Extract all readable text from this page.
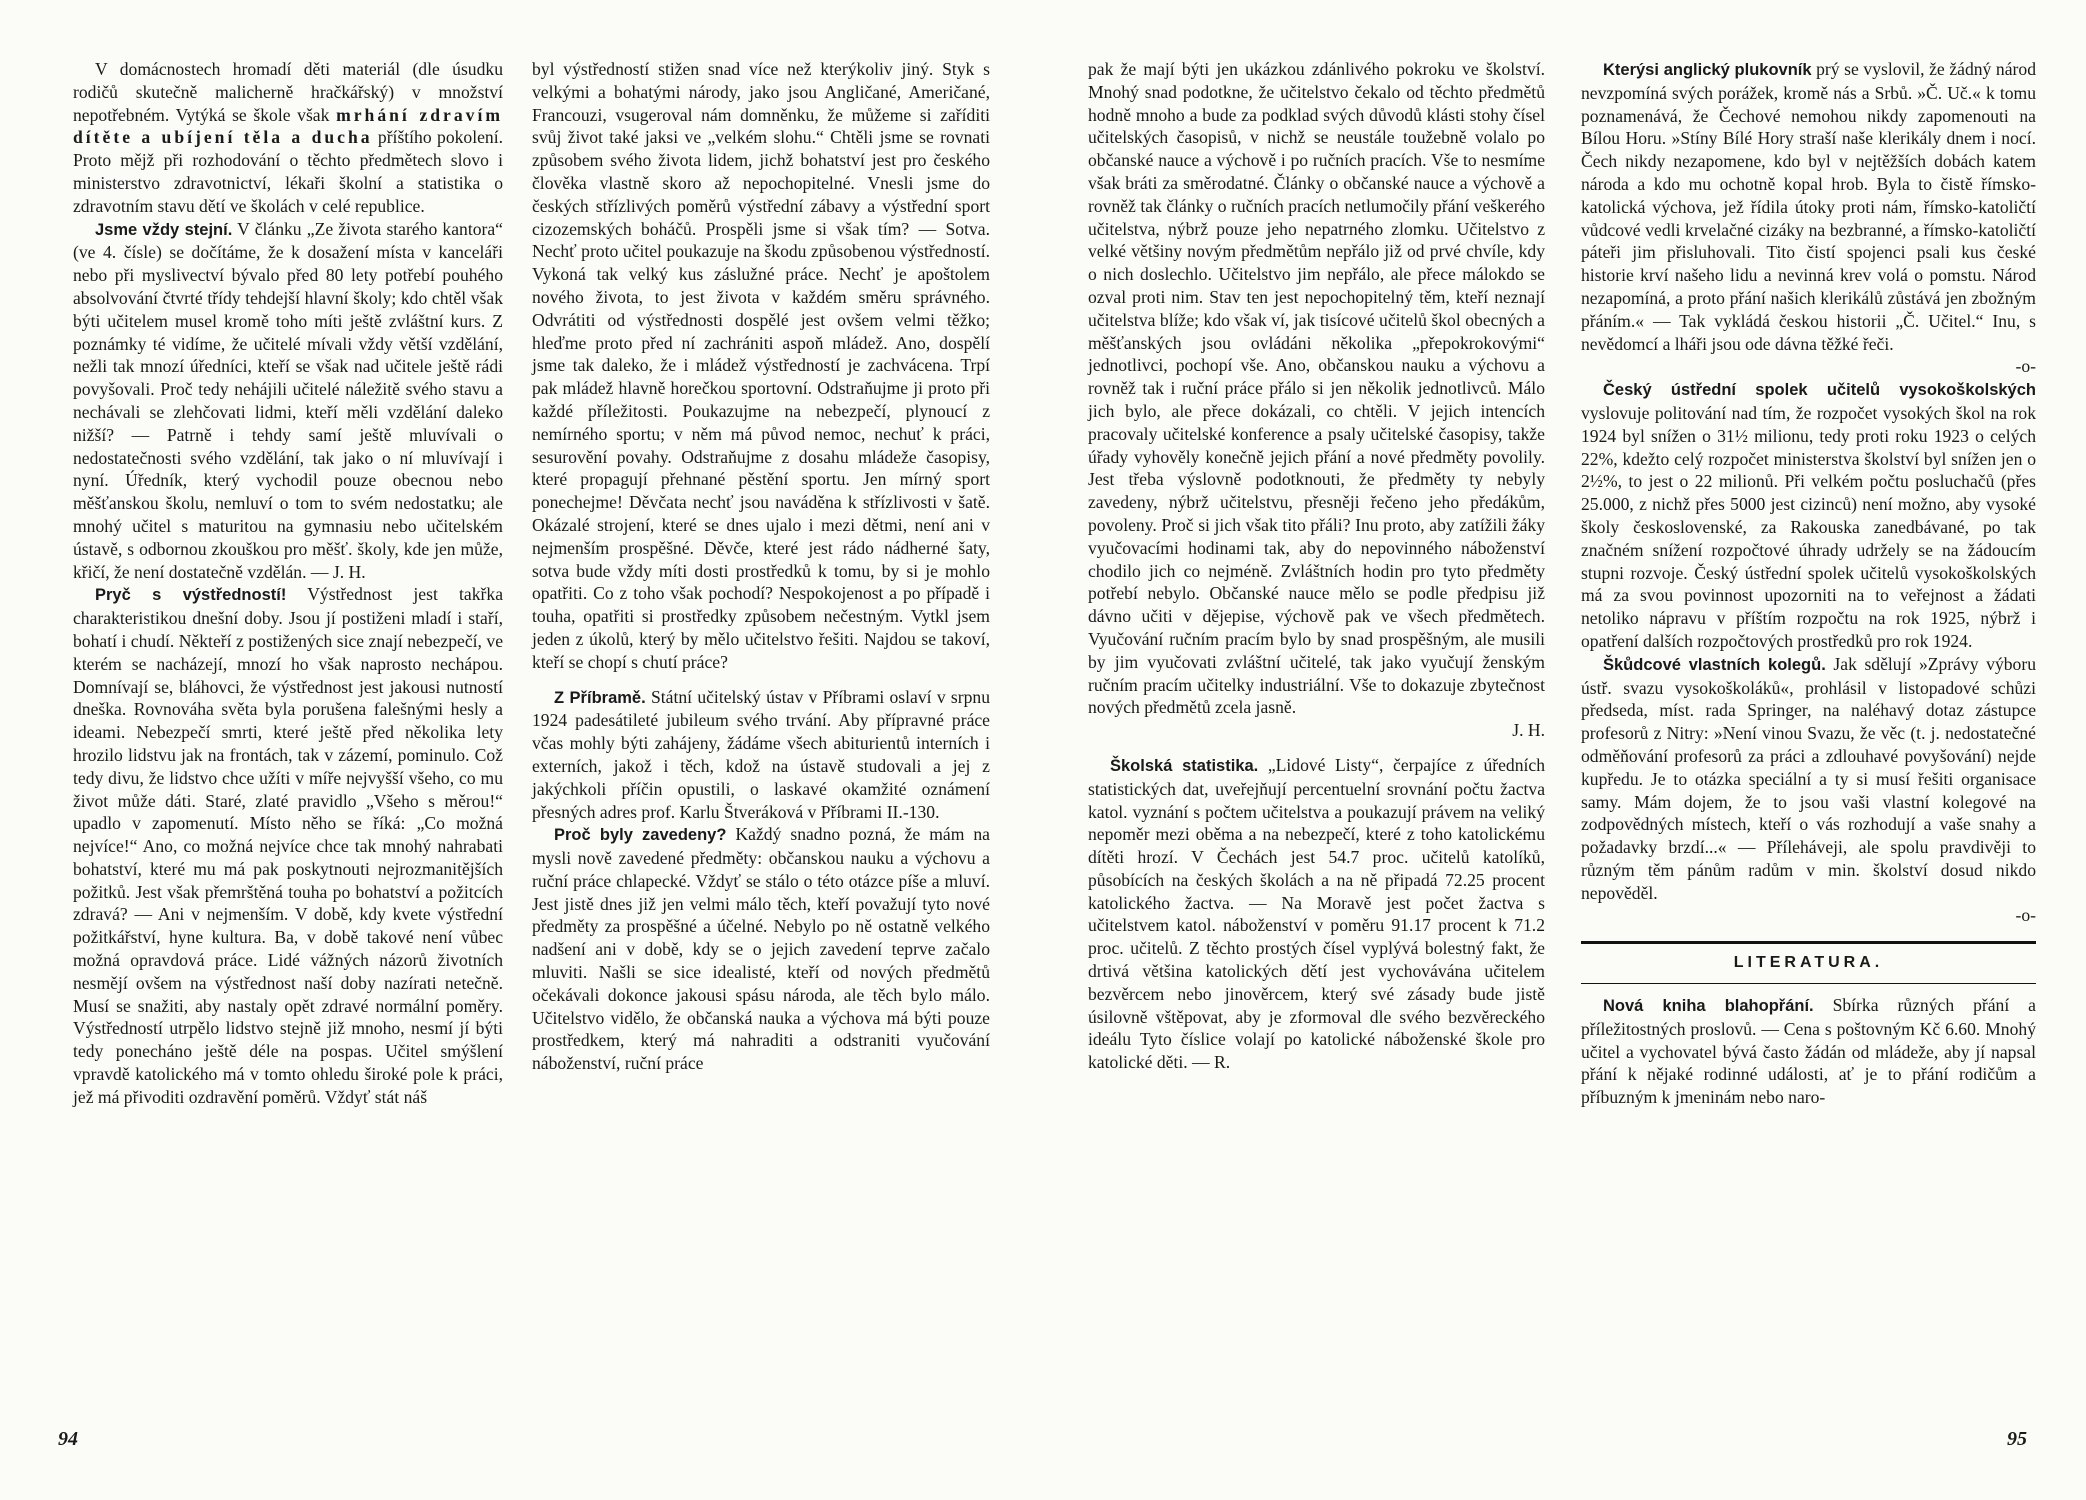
V domácnostech hromadí děti materiál (dle úsudku rodičů skutečně malicherně hračkářský) v množství nepotřebném. Vytýká se škole však mrhání zdravím dítěte a ubíjení těla a ducha příštího pokolení. Proto mějž při rozhodování o těchto předmětech slovo i ministerstvo zdravotnictví, lékaři školní a statistika o zdravotním stavu dětí ve školách v celé republice.

Jsme vždy stejní. V článku „Ze života starého kantora“ (ve 4. čísle) se dočítáme, že k dosažení místa v kanceláři nebo při myslivectví bývalo před 80 lety potřebí pouhého absolvování čtvrté třídy tehdejší hlavní školy; kdo chtěl však býti učitelem musel kromě toho míti ještě zvláštní kurs. Z poznámky té vidíme, že učitelé mívali vždy větší vzdělání, nežli tak mnozí úředníci, kteří se však nad učitele ještě rádi povyšovali. Proč tedy nehájili učitelé náležitě svého stavu a nechávali se zlehčovati lidmi, kteří měli vzdělání daleko nižší? — Patrně i tehdy samí ještě mluvívali o nedostatečnosti svého vzdělání, tak jako o ní mluvívají i nyní. Úředník, který vychodil pouze obecnou nebo měšťanskou školu, nemluví o tom to svém nedostatku; ale mnohý učitel s maturitou na gymnasiu nebo učitelském ústavě, s odbornou zkouškou pro měšť. školy, kde jen může, křičí, že není dostatečně vzdělán. — J. H.

Pryč s výstředností! Výstřednost jest takřka charakteristikou dnešní doby. Jsou jí postiženi mladí i staří, bohatí i chudí. Někteří z postižených sice znají nebezpečí, ve kterém se nacházejí, mnozí ho však naprosto nechápou. Domnívají se, bláhovci, že výstřednost jest jakousi nutností dneška. Rovnováha světa byla porušena falešnými hesly a ideami. Nebezpečí smrti, které ještě před několika lety hrozilo lidstvu jak na frontách, tak v zázemí, pominulo. Což tedy divu, že lidstvo chce užíti v míře nejvyšší všeho, co mu život může dáti. Staré, zlaté pravidlo „Všeho s měrou!“ upadlo v zapomenutí. Místo něho se říká: „Co možná nejvíce!“ Ano, co možná nejvíce chce tak mnohý nahrabati bohatství, které mu má pak poskytnouti nejrozmanitějších požitků. Jest však přemrštěná touha po bohatství a požitcích zdravá? — Ani v nejmenším. V době, kdy kvete výstřední požitkářství, hyne kultura. Ba, v době takové není vůbec možná opravdová práce. Lidé vážných názorů životních nesmějí ovšem na výstřednost naší doby nazírati netečně. Musí se snažiti, aby nastaly opět zdravé normální poměry. Výstředností utrpělo lidstvo stejně již mnoho, nesmí jí býti tedy ponecháno ještě déle na pospas. Učitel smýšlení vpravdě katolického má v tomto ohledu široké pole k práci, jež má přivoditi ozdravění poměrů. Vždyť stát náš

byl výstředností stižen snad více než kterýkoliv jiný. Styk s velkými a bohatými národy, jako jsou Angličané, Američané, Francouzi, vsugeroval nám domněnku, že můžeme si zaříditi svůj život také jaksi ve „velkém slohu.“ Chtěli jsme se rovnati způsobem svého života lidem, jichž bohatství jest pro českého člověka vlastně skoro až nepochopitelné. Vnesli jsme do českých střízlivých poměrů výstřední zábavy a výstřední sport cizozemských boháčů. Prospěli jsme si však tím? — Sotva. Nechť proto učitel poukazuje na škodu způsobenou výstředností. Vykoná tak velký kus záslužné práce. Nechť je apoštolem nového života, to jest života v každém směru správného. Odvrátiti od výstřednosti dospělé jest ovšem velmi těžko; hleďme proto před ní zachrániti aspoň mládež. Ano, dospělí jsme tak daleko, že i mládež výstředností je zachvácena. Trpí pak mládež hlavně horečkou sportovní. Odstraňujme ji proto při každé příležitosti. Poukazujme na nebezpečí, plynoucí z nemírného sportu; v něm má původ nemoc, nechuť k práci, sesurovění povahy. Odstraňujme z dosahu mládeže časopisy, které propagují přehnané pěstění sportu. Jen mírný sport ponechejme! Děvčata nechť jsou naváděna k střízlivosti v šatě. Okázalé strojení, které se dnes ujalo i mezi dětmi, není ani v nejmenším prospěšné. Děvče, které jest rádo nádherné šaty, sotva bude vždy míti dosti prostředků k tomu, by si je mohlo opatřiti. Co z toho však pochodí? Nespokojenost a po případě i touha, opatřiti si prostředky způsobem nečestným. Vytkl jsem jeden z úkolů, který by mělo učitelstvo řešiti. Najdou se takoví, kteří se chopí s chutí práce?

Z Příbramě. Státní učitelský ústav v Příbrami oslaví v srpnu 1924 padesátileté jubileum svého trvání. Aby přípravné práce včas mohly býti zahájeny, žádáme všech abiturientů interních i externích, jakož i těch, kdož na ústavě studovali a jej z jakýchkoli příčin opustili, o laskavé okamžité oznámení přesných adres prof. Karlu Štveráková v Příbrami II.-130.

Proč byly zavedeny? Každý snadno pozná, že mám na mysli nově zavedené předměty: občanskou nauku a výchovu a ruční práce chlapecké. Vždyť se stálo o této otázce píše a mluví. Jest jistě dnes již jen velmi málo těch, kteří považují tyto nové předměty za prospěšné a účelné. Nebylo po ně ostatně velkého nadšení ani v době, kdy se o jejich zavedení teprve začalo mluviti. Našli se sice idealisté, kteří od nových předmětů očekávali dokonce jakousi spásu národa, ale těch bylo málo. Učitelstvo vidělo, že občanská nauka a výchova má býti pouze prostředkem, který má nahraditi a odstraniti vyučování náboženství, ruční práce

94

pak že mají býti jen ukázkou zdánlivého pokroku ve školství. Mnohý snad podotkne, že učitelstvo čekalo od těchto předmětů hodně mnoho a bude za podklad svých důvodů klásti stohy čísel učitelských časopisů, v nichž se neustále toužebně volalo po občanské nauce a výchově i po ručních pracích. Vše to nesmíme však bráti za směrodatné. Články o občanské nauce a výchově a rovněž tak články o ručních pracích netlumočily přání veškerého učitelstva, nýbrž pouze jeho nepatrného zlomku. Učitelstvo z velké většiny novým předmětům nepřálo již od prvé chvíle, kdy o nich doslechlo. Učitelstvo jim nepřálo, ale přece málokdo se ozval proti nim. Stav ten jest nepochopitelný těm, kteří neznají učitelstva blíže; kdo však ví, jak tisícové učitelů škol obecných a měšťanských jsou ovládáni několika „přepokrokovými“ jednotlivci, pochopí vše. Ano, občanskou nauku a výchovu a rovněž tak i ruční práce přálo si jen několik jednotlivců. Málo jich bylo, ale přece dokázali, co chtěli. V jejich intencích pracovaly učitelské konference a psaly učitelské časopisy, takže úřady vyhověly konečně jejich přání a nové předměty povolily. Jest třeba výslovně podotknouti, že předměty ty nebyly zavedeny, nýbrž učitelstvu, přesněji řečeno jeho předákům, povoleny. Proč si jich však tito přáli? Inu proto, aby zatížili žáky vyučovacími hodinami tak, aby do nepovinného náboženství chodilo jich co nejméně. Zvláštních hodin pro tyto předměty potřebí nebylo. Občanské nauce mělo se podle předpisu již dávno učiti v dějepise, výchově pak ve všech předmětech. Vyučování ručním pracím bylo by snad prospěšným, ale musili by jim vyučovati zvláštní učitelé, tak jako vyučují ženským ručním pracím učitelky industriální. Vše to dokazuje zbytečnost nových předmětů zcela jasně.

J. H.

Školská statistika. „Lidové Listy“, čerpajíce z úředních statistických dat, uveřejňují percentuelní srovnání počtu žactva katol. vyznání s počtem učitelstva a poukazují právem na veliký nepoměr mezi oběma a na nebezpečí, které z toho katolickému dítěti hrozí. V Čechách jest 54.7 proc. učitelů katolíků, působících na českých školách a na ně připadá 72.25 procent katolického žactva. — Na Moravě jest počet žactva s učitelstvem katol. náboženství v poměru 91.17 procent k 71.2 proc. učitelů. Z těchto prostých čísel vyplývá bolestný fakt, že drtivá většina katolických dětí jest vychovávána učitelem bezvěrcem nebo jinověrcem, který své zásady bude jistě úsilovně vštěpovat, aby je zformoval dle svého bezvěreckého ideálu Tyto číslice volají po katolické náboženské škole pro katolické děti. — R.

Kterýsi anglický plukovník prý se vyslovil, že žádný národ nevzpomíná svých porážek, kromě nás a Srbů. »Č. Uč.« k tomu poznamenává, že Čechové nemohou nikdy zapomenouti na Bílou Horu. »Stíny Bílé Hory straší naše klerikály dnem i nocí. Čech nikdy nezapomene, kdo byl v nejtěžších dobách katem národa a kdo mu ochotně kopal hrob. Byla to čistě římsko-katolická výchova, jež řídila útoky proti nám, římsko-katoličtí vůdcové vedli krvelačné cizáky na bezbranné, a římsko-katoličtí páteři jim přisluhovali. Tito čistí spojenci psali kus české historie krví našeho lidu a nevinná krev volá o pomstu. Národ nezapomíná, a proto přání našich klerikálů zůstává jen zbožným přáním.« — Tak vykládá českou historii „Č. Učitel.“ Inu, s nevědomcí a lháři jsou ode dávna těžké řeči.

-o-

Český ústřední spolek učitelů vysokoškolských vyslovuje politování nad tím, že rozpočet vysokých škol na rok 1924 byl snížen o 31½ milionu, tedy proti roku 1923 o celých 22%, kdežto celý rozpočet ministerstva školství byl snížen jen o 2½%, to jest o 22 milionů. Při velkém počtu posluchačů (přes 25.000, z nichž přes 5000 jest cizinců) není možno, aby vysoké školy československé, za Rakouska zanedbávané, po tak značném snížení rozpočtové úhrady udržely se na žádoucím stupni rozvoje. Český ústřední spolek učitelů vysokoškolských má za svou povinnost upozorniti na to veřejnost a žádati netoliko nápravu v příštím rozpočtu na rok 1925, nýbrž i opatření dalších rozpočtových prostředků pro rok 1924.

Škůdcové vlastních kolegů. Jak sdělují »Zprávy výboru ústř. svazu vysokoškoláků«, prohlásil v listopadové schůzi předseda, míst. rada Springer, na naléhavý dotaz zástupce profesorů z Nitry: »Není vinou Svazu, že věc (t. j. nedostatečné odměňování profesorů za práci a zdlouhavé povyšování) nejde kupředu. Je to otázka speciální a ty si musí řešiti organisace samy. Mám dojem, že to jsou vaši vlastní kolegové na zodpovědných místech, kteří o vás rozhodují a vaše snahy a požadavky brzdí...« — Příleháveji, ale spolu pravdivěji to různým těm pánům radům v min. školství dosud nikdo nepověděl.

-o-
LITERATURA.

Nová kniha blahopřání. Sbírka různých přání a příležitostných proslovů. — Cena s poštovným Kč 6.60. Mnohý učitel a vychovatel bývá často žádán od mládeže, aby jí napsal přání k nějaké rodinné události, ať je to přání rodičům a příbuzným k jmeninám nebo naro-

95
